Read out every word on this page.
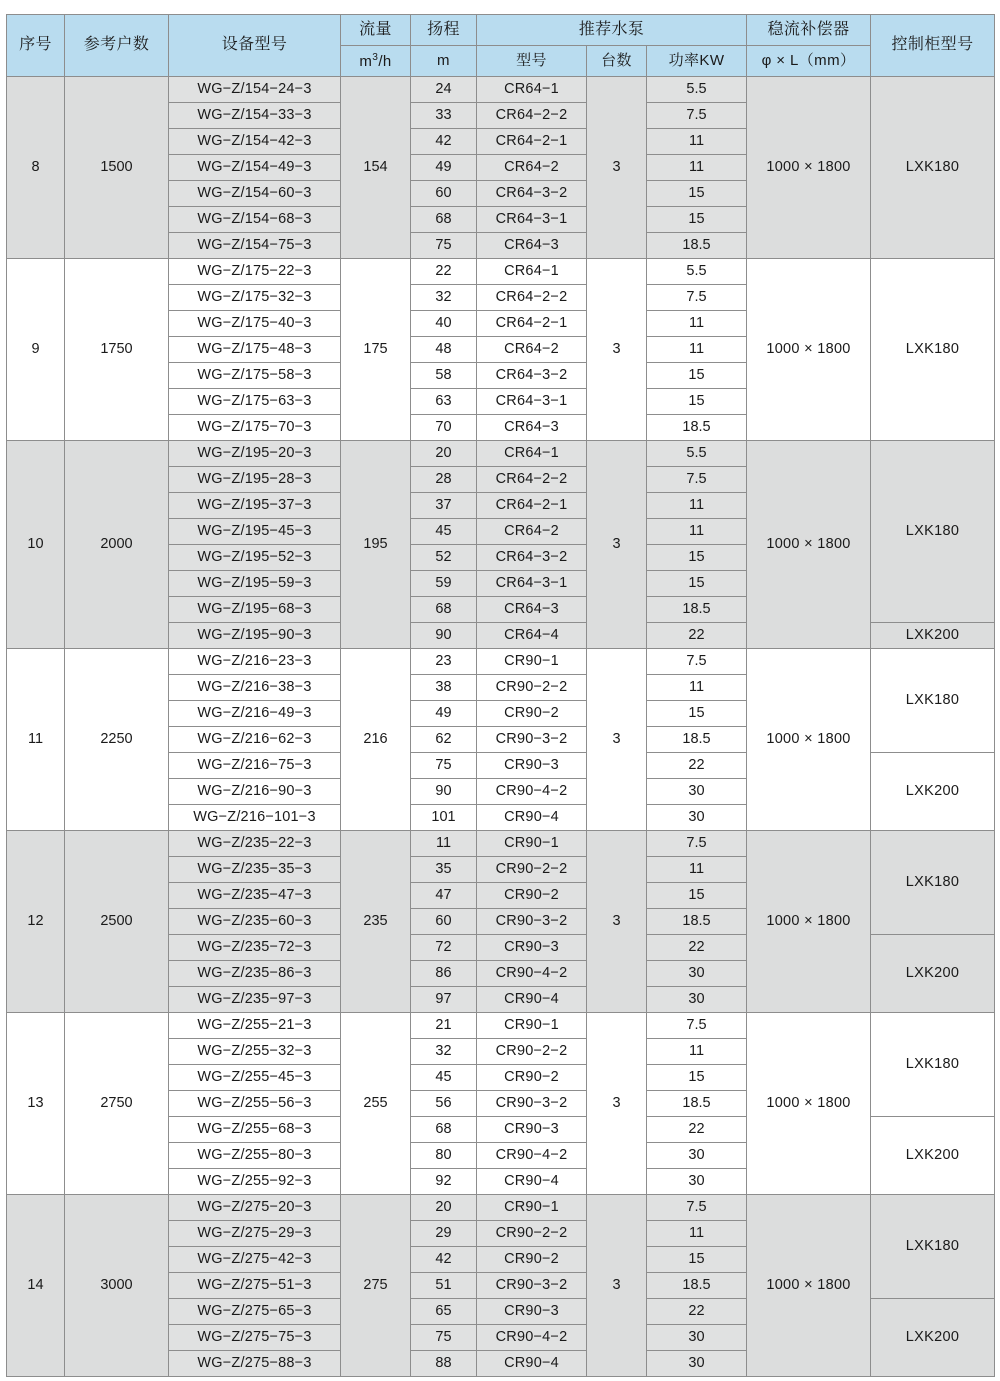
序号	参考户数	设备型号	流量	扬程	推荐水泵			稳流补偿器	控制柜型号
			$m^3/h$	m	型号	台数	功率KW	φ × L（mm）	
8	1500	WG−Z/154−24−3	154	24	CR64−1	3	5.5	1000 × 1800	LXK180
		WG−Z/154−33−3		33	CR64−2−2		7.5		
		WG−Z/154−42−3		42	CR64−2−1		11		
		WG−Z/154−49−3		49	CR64−2		11		
		WG−Z/154−60−3		60	CR64−3−2		15		
		WG−Z/154−68−3		68	CR64−3−1		15		
		WG−Z/154−75−3		75	CR64−3		18.5		
9	1750	WG−Z/175−22−3	175	22	CR64−1	3	5.5	1000 × 1800	LXK180
		WG−Z/175−32−3		32	CR64−2−2		7.5		
		WG−Z/175−40−3		40	CR64−2−1		11		
		WG−Z/175−48−3		48	CR64−2		11		
		WG−Z/175−58−3		58	CR64−3−2		15		
		WG−Z/175−63−3		63	CR64−3−1		15		
		WG−Z/175−70−3		70	CR64−3		18.5		
10	2000	WG−Z/195−20−3	195	20	CR64−1	3	5.5	1000 × 1800	LXK180
		WG−Z/195−28−3		28	CR64−2−2		7.5		
		WG−Z/195−37−3		37	CR64−2−1		11		
		WG−Z/195−45−3		45	CR64−2		11		
		WG−Z/195−52−3		52	CR64−3−2		15		
		WG−Z/195−59−3		59	CR64−3−1		15		
		WG−Z/195−68−3		68	CR64−3		18.5		
		WG−Z/195−90−3		90	CR64−4		22		LXK200
11	2250	WG−Z/216−23−3	216	23	CR90−1	3	7.5	1000 × 1800	LXK180
		WG−Z/216−38−3		38	CR90−2−2		11		
		WG−Z/216−49−3		49	CR90−2		15		
		WG−Z/216−62−3		62	CR90−3−2		18.5		
		WG−Z/216−75−3		75	CR90−3		22		LXK200
		WG−Z/216−90−3		90	CR90−4−2		30		
		WG−Z/216−101−3		101	CR90−4		30		
12	2500	WG−Z/235−22−3	235	11	CR90−1	3	7.5	1000 × 1800	LXK180
		WG−Z/235−35−3		35	CR90−2−2		11		
		WG−Z/235−47−3		47	CR90−2		15		
		WG−Z/235−60−3		60	CR90−3−2		18.5		
		WG−Z/235−72−3		72	CR90−3		22		LXK200
		WG−Z/235−86−3		86	CR90−4−2		30		
		WG−Z/235−97−3		97	CR90−4		30		
13	2750	WG−Z/255−21−3	255	21	CR90−1	3	7.5	1000 × 1800	LXK180
		WG−Z/255−32−3		32	CR90−2−2		11		
		WG−Z/255−45−3		45	CR90−2		15		
		WG−Z/255−56−3		56	CR90−3−2		18.5		
		WG−Z/255−68−3		68	CR90−3		22		LXK200
		WG−Z/255−80−3		80	CR90−4−2		30		
		WG−Z/255−92−3		92	CR90−4		30		
14	3000	WG−Z/275−20−3	275	20	CR90−1	3	7.5	1000 × 1800	LXK180
		WG−Z/275−29−3		29	CR90−2−2		11		
		WG−Z/275−42−3		42	CR90−2		15		
		WG−Z/275−51−3		51	CR90−3−2		18.5		
		WG−Z/275−65−3		65	CR90−3		22		LXK200
		WG−Z/275−75−3		75	CR90−4−2		30		
		WG−Z/275−88−3		88	CR90−4		30		
